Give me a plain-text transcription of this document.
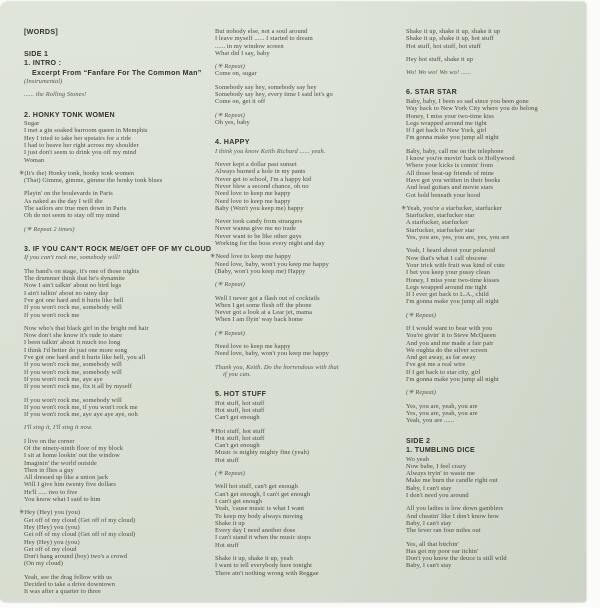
[WORDS]
SIDE 1
1. INTRO :
Excerpt From “Fanfare For The Common Man”
(Instrumental)
...... the Rolling Stones!
2. HONKY TONK WOMEN
Sugar
I met a gin soaked barroom queen in Memphis
Hey I tried to take her upstairs for a ride
I had to heave her right across my shoulder
I just don't seem to drink you off my mind
Woman
✳(It's the) Honky tonk, honky tonk women
(That) Gimme, gimme, gimme the honky tonk blues
Playin' on the boulevards in Paris
As naked as the day I will die
The sailors are true men down in Paris
Oh do not seem to stay off my mind
(✳ Repeat 2 times)
3. IF YOU CAN'T ROCK ME/GET OFF OF MY CLOUD
If you can't rock me, somebody will!
The band's on stage, it's one of those nights
The drummer think that he's dynamite
Now I ain't talkin' about no bird legs
I ain't talkin' about no rainy day
I've got one hard and it hurts like hell
If you won't rock me, somebody will
If you won't rock me
Now who's that black girl in the bright red hair
Now don't she know it's rude to stare
I been talkin' about it much too long
I think I'd better do just one more song
I've got one hard and it hurts like hell, you all
If you won't rock me, somebody will
If you won't rock me, somebody will
If you won't rock me, aye aye
If you won't rock me, fix it all by myself
If you won't rock me, somebody will
If you won't rock me, if you won't rock me
If you won't rock me, aye aye aye aye, ooh
I'll sing it, I'll sing it now.
I live on the corner
Of the ninety-ninth floor of my block
I sit at home lookin' out the window
Imaginin' the world outside
Then in flies a guy
All dressed up like a union jack
Will I give him twenty five dollars
He'll ..... two to five
You know what I said to him
✳Hey (Hey) you (you)
Get off of my cloud (Get off of my cloud)
Hey (Hey) you (you)
Get off of my cloud (Get off of my cloud)
Hey (Hey) you (you)
Get off of my cloud
Don't hang around (boy) two's a crowd
(On my cloud)
Yeah, see the drag fellow with us
Decided to take a drive downtown
It was after a quarter to three
But nobody else, not a soul around
I leave myself ...... I started to dream
...... in my window screen
What did I say, baby
(✳ Repeat)
Come on, sugar
Somebody say hey, somebody say hey
Somebody say hey, every time I said let's go
Come on, get it off
(✳ Repeat)
Oh yes, baby
4. HAPPY
I think you know Keith Richard ...... yeah.
Never kept a dollar past sunset
Always burned a hole in my pants
Never get to school, I'm a happy kid
Never blew a second chance, oh no
Need love to keep me happy
Need love to keep me happy
Baby (Won't you keep me) happy
Never took candy from strangers
Never wanna give me no trade
Never want to be like other guys
Working for the boss every night and day
✳Need love to keep me happy
Need love, baby, won't you keep me happy
(Baby, won't you keep me) Happy
(✳ Repeat)
Well I never got a flash out of cocktails
When I get some flesh off the phone
Never got a look at a Lear jet, mama
When I am flyin' way back home
(✳ Repeat)
Need love to keep me happy
Need love, baby, won't you keep me happy
Thank you, Keith. Do the horrendous with that
if you can.
5. HOT STUFF
Hot stuff, hot stuff
Hot stuff, hot stuff
Can't get enough
✳Hot stuff, hot stuff
Hot stuff, hot stuff
Can't get enough
Music is mighty mighty fine (yeah)
Hot stuff
(✳ Repeat)
Well hot stuff, can't get enough
Can't get enough, I can't get enough
I can't get enough
Yeah, 'cause music is what I want
To keep my body always moving
Shake it up
Every day I need another dose
I can't stand it when the music stops
Hot stuff
Shake it up, shake it up, yeah
I want to tell everybody here tonight
There ain't nothing wrong with Reggae
Shake it up, shake it up, shake it up
Shake it up, shake it up, hot stuff
Hot stuff, hot stuff, hot stuff
Hey hot stuff, shake it up
Wo! Wo wo! Wo wo! ......
6. STAR STAR
Baby, baby, I been so sad since you been gone
Way back to New York City where you do belong
Honey, I miss your two-time kiss
Legs wrapped around me tight
If I get back to New York, girl
I'm gonna make you jump all night
Baby, baby, call me on the telephone
I know you're movin' back to Hollywood
Where your kicks is comin' from
All those beat-up friends of mine
Have got you written in their books
And lead guitars and movie stars
Got hold beneath your hood
✳Yeah, you're a starfucker, starfucker
Starfucker, starfucker star
A starfucker, starfucker
Starfucker, starfucker star
Yes, you are, yes, you are, yes, you are
Yeah, I heard about your polaroid
Now that's what I call obscene
Your trick with fruit was kind of cute
I bet you keep your pussy clean
Honey, I miss your two-time kisses
Legs wrapped around me tight
If I ever get back to L.A., child
I'm gonna make you jump all night
(✳ Repeat)
If I would want to bear with you
You're givin' it to Steve McQueen
And you and me made a fair pair
We oughta do the silver screen
And get away, as far away
I've got me a real wire
If I get back to star city, girl
I'm gonna make you jump all night
(✳ Repeat)
Yes, you are, yeah, you are
Yes, you are, yeah, you are
Yeah, you are ......
SIDE 2
1. TUMBLING DICE
Wo yeah
Now babe, I feel crazy
Always tryin' to waste me
Make me burn the candle right out
Baby, I can't stay
I don't need you around
All you ladies is low down gamblers
And cheatin' like I don't know how
Baby, I can't stay
The fever ran four miles out
Yes, all that bitchin'
Has got my poor ear itchin'
Don't you know the deuce is still wild
Baby, I can't stay
